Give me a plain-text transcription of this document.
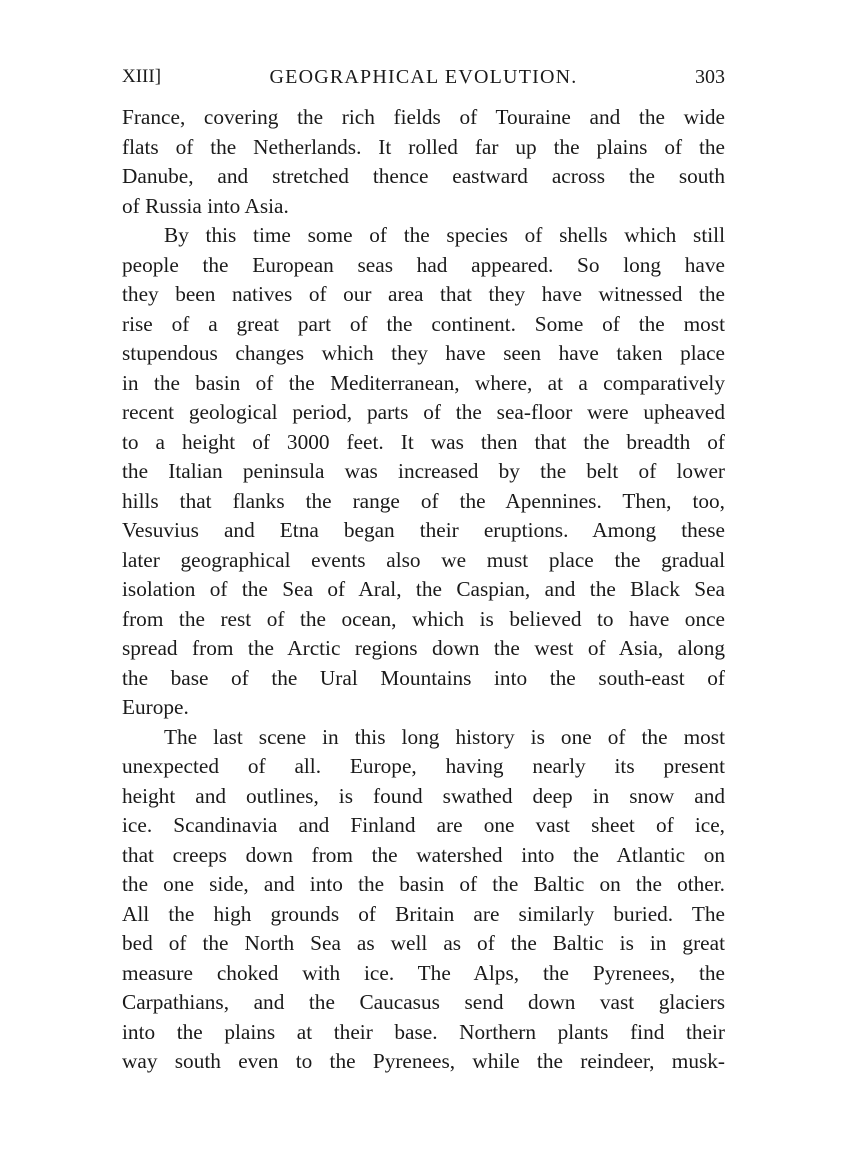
XIII]	GEOGRAPHICAL EVOLUTION.	303
France, covering the rich fields of Touraine and the wide
flats of the Netherlands. It rolled far up the plains of the
Danube, and stretched thence eastward across the south
of Russia into Asia.
By this time some of the species of shells which still
people the European seas had appeared. So long have
they been natives of our area that they have witnessed the
rise of a great part of the continent. Some of the most
stupendous changes which they have seen have taken place
in the basin of the Mediterranean, where, at a comparatively
recent geological period, parts of the sea-floor were upheaved
to a height of 3000 feet. It was then that the breadth of
the Italian peninsula was increased by the belt of lower
hills that flanks the range of the Apennines. Then, too,
Vesuvius and Etna began their eruptions. Among these
later geographical events also we must place the gradual
isolation of the Sea of Aral, the Caspian, and the Black Sea
from the rest of the ocean, which is believed to have once
spread from the Arctic regions down the west of Asia, along
the base of the Ural Mountains into the south-east of
Europe.
The last scene in this long history is one of the most
unexpected of all. Europe, having nearly its present
height and outlines, is found swathed deep in snow and
ice. Scandinavia and Finland are one vast sheet of ice,
that creeps down from the watershed into the Atlantic on
the one side, and into the basin of the Baltic on the other.
All the high grounds of Britain are similarly buried. The
bed of the North Sea as well as of the Baltic is in great
measure choked with ice. The Alps, the Pyrenees, the
Carpathians, and the Caucasus send down vast glaciers
into the plains at their base. Northern plants find their
way south even to the Pyrenees, while the reindeer, musk-
